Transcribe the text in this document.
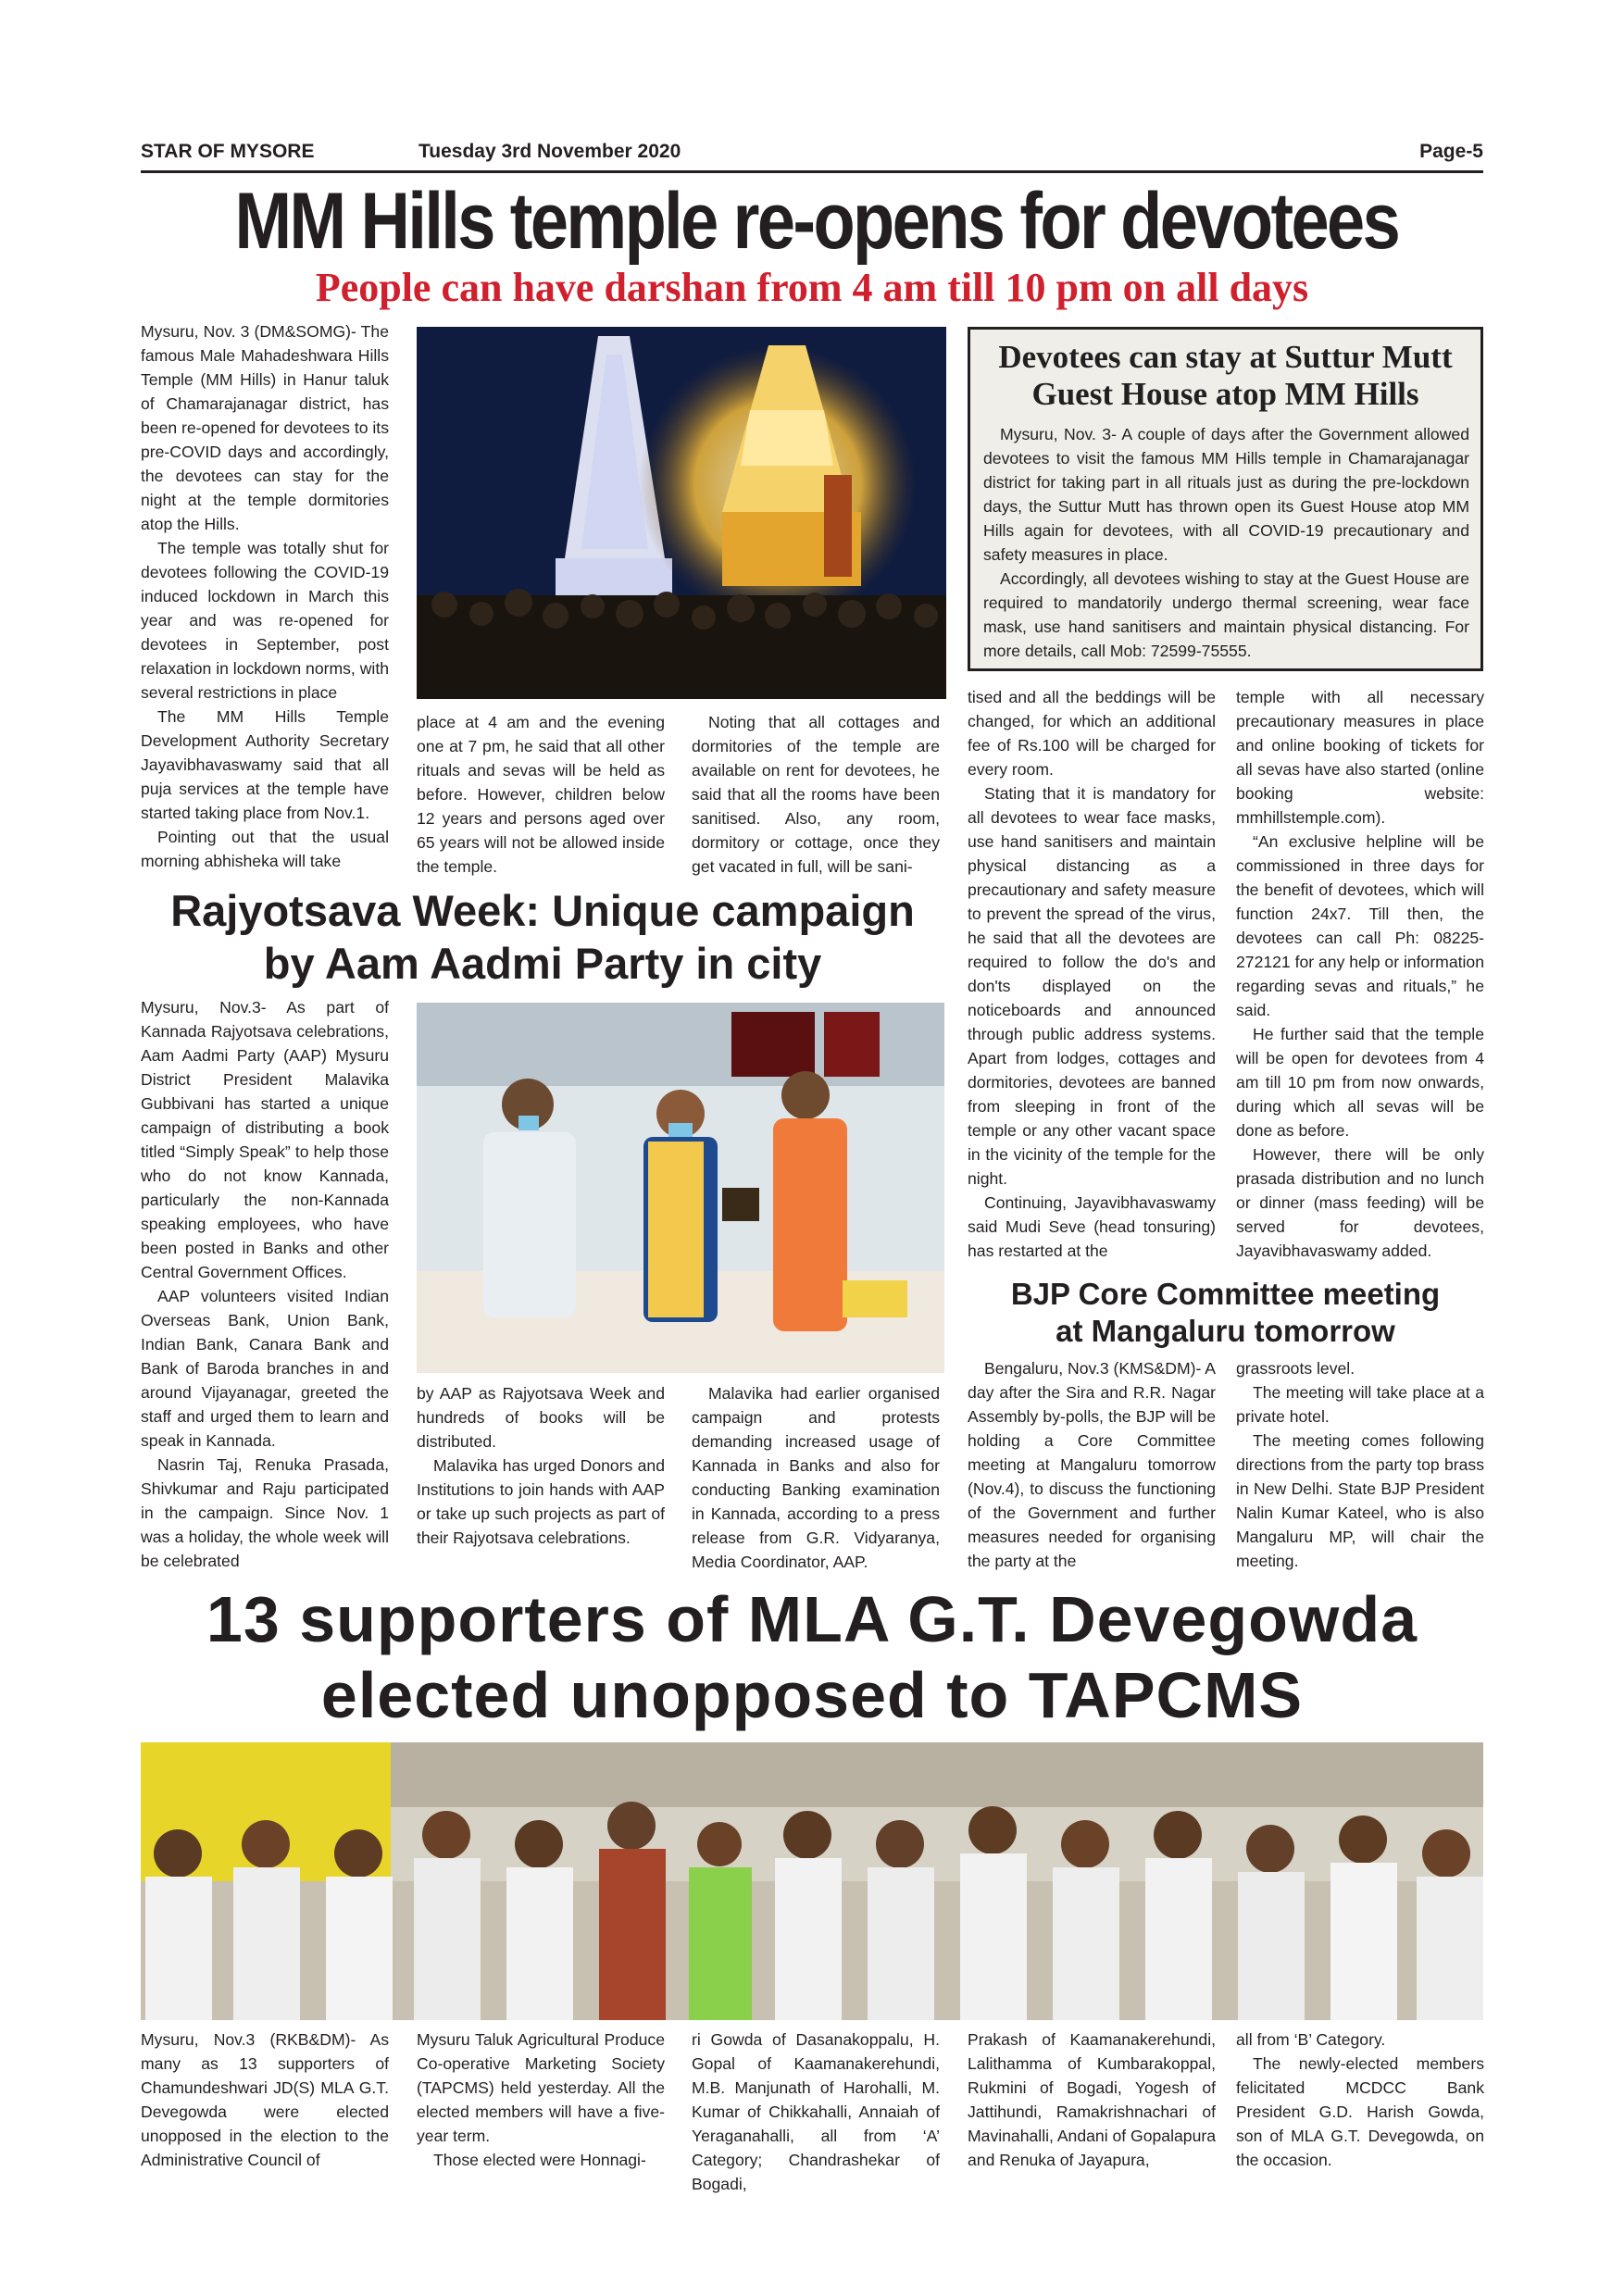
STAR OF MYSORE	Tuesday 3rd November 2020	Page-5
MM Hills temple re-opens for devotees
People can have darshan from 4 am till 10 pm on all days

Mysuru, Nov. 3 (DM&SOMG)- The famous Male Mahadeshwara Hills Temple (MM Hills) in Hanur taluk of Chamarajanagar district, has been re-opened for devotees to its pre-COVID days and accordingly, the devotees can stay for the night at the temple dormitories atop the Hills.

The temple was totally shut for devotees following the COVID-19 induced lockdown in March this year and was re-opened for devotees in September, post relaxation in lockdown norms, with several restrictions in place

The MM Hills Temple Development Authority Secretary Jayavibhavaswamy said that all puja services at the temple have started taking place from Nov.1.

Pointing out that the usual morning abhisheka will take

place at 4 am and the evening one at 7 pm, he said that all other rituals and sevas will be held as before. However, children below 12 years and persons aged over 65 years will not be allowed inside the temple.

Noting that all cottages and dormitories of the temple are available on rent for devotees, he said that all the rooms have been sanitised. Also, any room, dormitory or cottage, once they get vacated in full, will be sani-

Devotees can stay at Suttur Mutt Guest House atop MM Hills

Mysuru, Nov. 3- A couple of days after the Government allowed devotees to visit the famous MM Hills temple in Chamarajanagar district for taking part in all rituals just as during the pre-lockdown days, the Suttur Mutt has thrown open its Guest House atop MM Hills again for devotees, with all COVID-19 precautionary and safety measures in place.

Accordingly, all devotees wishing to stay at the Guest House are required to mandatorily undergo thermal screening, wear face mask, use hand sanitisers and maintain physical distancing. For more details, call Mob: 72599-75555.

tised and all the beddings will be changed, for which an additional fee of Rs.100 will be charged for every room.

Stating that it is mandatory for all devotees to wear face masks, use hand sanitisers and maintain physical distancing as a precautionary and safety measure to prevent the spread of the virus, he said that all the devotees are required to follow the do's and don'ts displayed on the noticeboards and announced through public address systems. Apart from lodges, cottages and dormitories, devotees are banned from sleeping in front of the temple or any other vacant space in the vicinity of the temple for the night.

Continuing, Jayavibhavaswamy said Mudi Seve (head tonsuring) has restarted at the

temple with all necessary precautionary measures in place and online booking of tickets for all sevas have also started (online booking website: mmhillstemple.com).

“An exclusive helpline will be commissioned in three days for the benefit of devotees, which will function 24x7. Till then, the devotees can call Ph: 08225-272121 for any help or information regarding sevas and rituals,” he said.

He further said that the temple will be open for devotees from 4 am till 10 pm from now onwards, during which all sevas will be done as before.

However, there will be only prasada distribution and no lunch or dinner (mass feeding) will be served for devotees, Jayavibhavaswamy added.

Rajyotsava Week: Unique campaign
by Aam Aadmi Party in city

Mysuru, Nov.3- As part of Kannada Rajyotsava celebrations, Aam Aadmi Party (AAP) Mysuru District President Malavika Gubbivani has started a unique campaign of distributing a book titled “Simply Speak” to help those who do not know Kannada, particularly the non-Kannada speaking employees, who have been posted in Banks and other Central Government Offices.

AAP volunteers visited Indian Overseas Bank, Union Bank, Indian Bank, Canara Bank and Bank of Baroda branches in and around Vijayanagar, greeted the staff and urged them to learn and speak in Kannada.

Nasrin Taj, Renuka Prasada, Shivkumar and Raju participated in the campaign. Since Nov. 1 was a holiday, the whole week will be celebrated

by AAP as Rajyotsava Week and hundreds of books will be distributed.

Malavika has urged Donors and Institutions to join hands with AAP or take up such projects as part of their Rajyotsava celebrations.

Malavika had earlier organised campaign and protests demanding increased usage of Kannada in Banks and also for conducting Banking examination in Kannada, according to a press release from G.R. Vidyaranya, Media Coordinator, AAP.

BJP Core Committee meeting
at Mangaluru tomorrow

Bengaluru, Nov.3 (KMS&DM)- A day after the Sira and R.R. Nagar Assembly by-polls, the BJP will be holding a Core Committee meeting at Mangaluru tomorrow (Nov.4), to discuss the functioning of the Government and further measures needed for organising the party at the

grassroots level.

The meeting will take place at a private hotel.

The meeting comes following directions from the party top brass in New Delhi. State BJP President Nalin Kumar Kateel, who is also Mangaluru MP, will chair the meeting.

13 supporters of MLA G.T. Devegowda
elected unopposed to TAPCMS

Mysuru, Nov.3 (RKB&DM)- As many as 13 supporters of Chamundeshwari JD(S) MLA G.T. Devegowda were elected unopposed in the election to the Administrative Council of

Mysuru Taluk Agricultural Produce Co-operative Marketing Society (TAPCMS) held yesterday. All the elected members will have a five-year term.

Those elected were Honnagi-

ri Gowda of Dasanakoppalu, H. Gopal of Kaamanakerehundi, M.B. Manjunath of Harohalli, M. Kumar of Chikkahalli, Annaiah of Yeraganahalli, all from ‘A’ Category; Chandrashekar of Bogadi,

Prakash of Kaamanakerehundi, Lalithamma of Kumbarakoppal, Rukmini of Bogadi, Yogesh of Jattihundi, Ramakrishnachari of Mavinahalli, Andani of Gopalapura and Renuka of Jayapura,

all from ‘B’ Category.

The newly-elected members felicitated MCDCC Bank President G.D. Harish Gowda, son of MLA G.T. Devegowda, on the occasion.
